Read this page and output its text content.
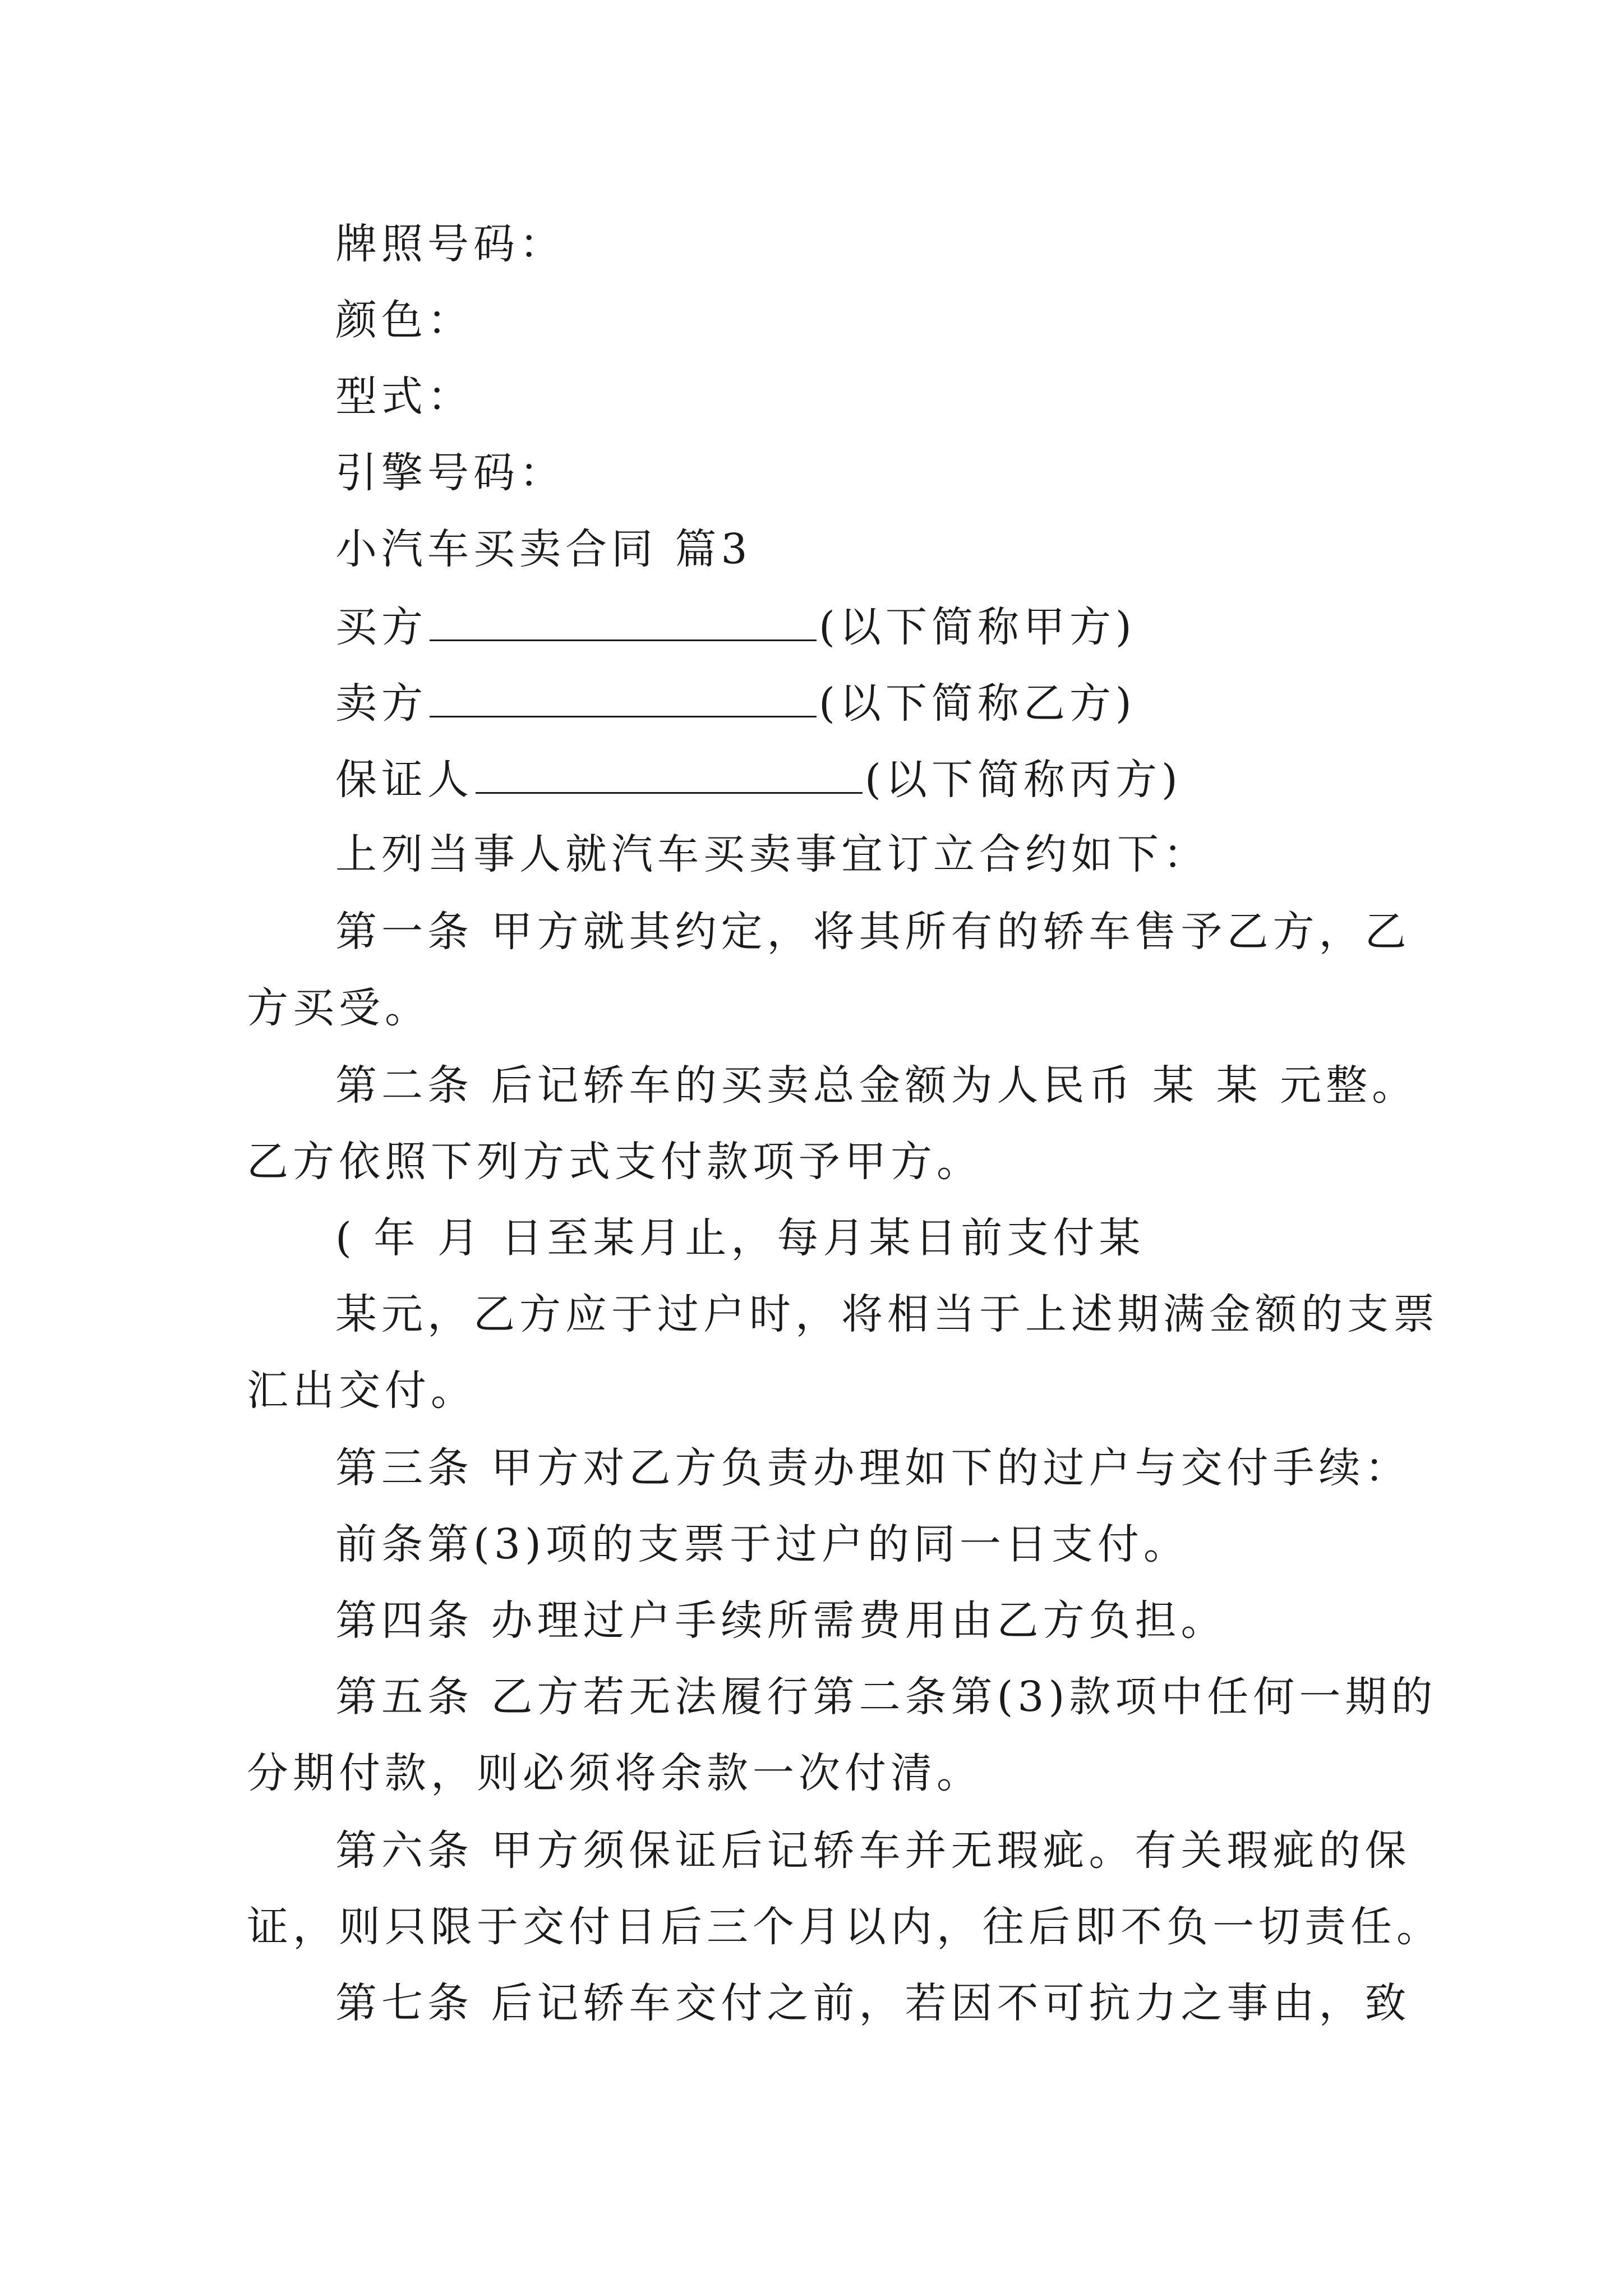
牌照号码：
颜色：
型式：
引擎号码：
小汽车买卖合同 篇3
买方	(以下简称甲方)
卖方	(以下简称乙方)
保证人	(以下简称丙方)
上列当事人就汽车买卖事宜订立合约如下：
第一条 甲方就其约定，将其所有的轿车售予乙方，乙
方买受。
第二条 后记轿车的买卖总金额为人民币 某 某 元整。
乙方依照下列方式支付款项予甲方。
( 年 月 日至某月止，每月某日前支付某
某元，乙方应于过户时，将相当于上述期满金额的支票
汇出交付。
第三条 甲方对乙方负责办理如下的过户与交付手续：
前条第(3)项的支票于过户的同一日支付。
第四条 办理过户手续所需费用由乙方负担。
第五条 乙方若无法履行第二条第(3)款项中任何一期的
分期付款，则必须将余款一次付清。
第六条 甲方须保证后记轿车并无瑕疵。有关瑕疵的保
证，则只限于交付日后三个月以内，往后即不负一切责任。
第七条 后记轿车交付之前，若因不可抗力之事由，致
